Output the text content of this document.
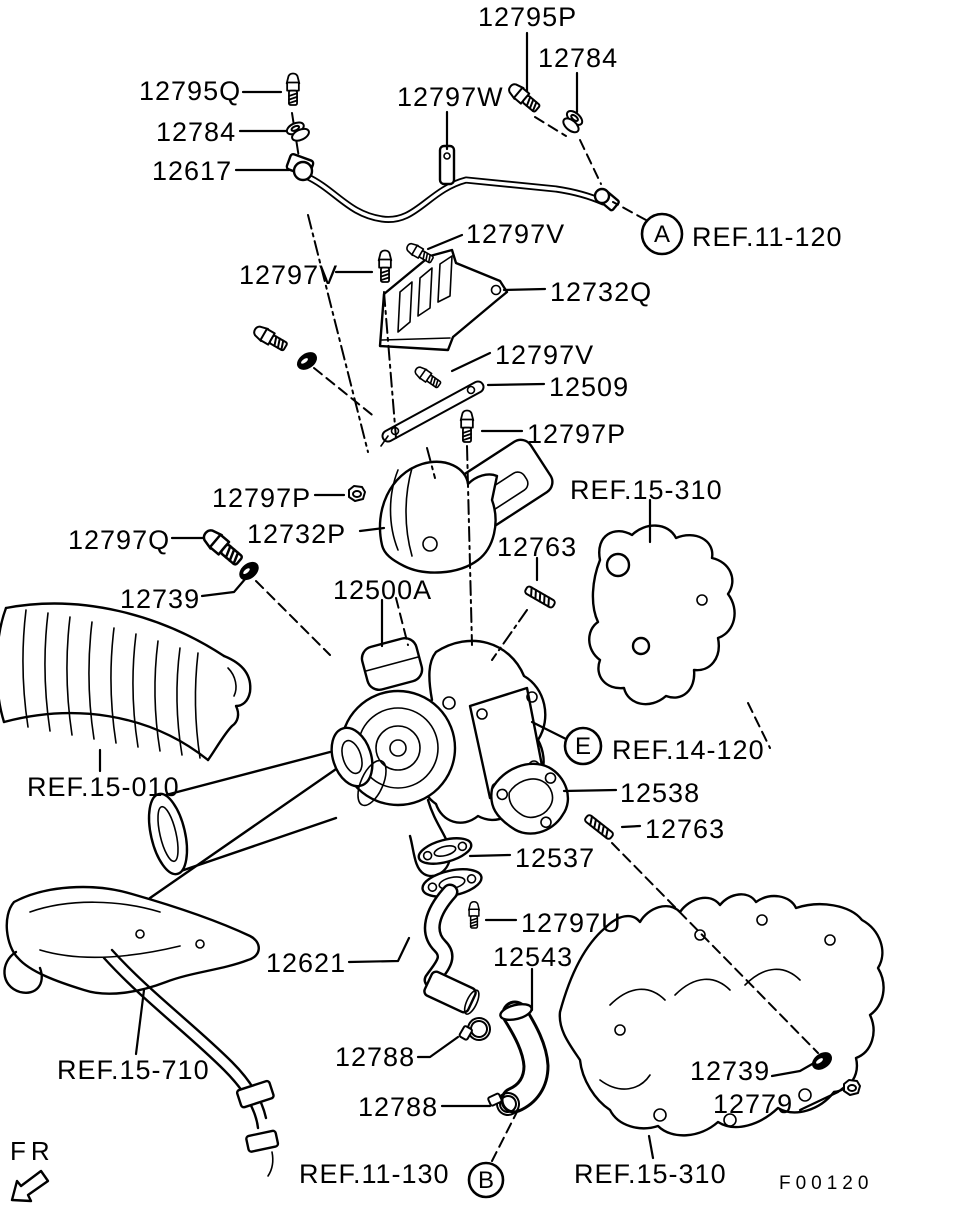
A
E
B
12795P
12784
12797W
12795Q
12784
12617
12797V
12797V
12732Q
12797V
12509
12797P
12797P
12732P
REF.15-310
12763
12797Q
12739	12500A
REF.15-010
REF.11-120
REF.14-120
12538
12763
12537
12797U
12621	12543
REF.15-710	12788
12788
12739
12779
REF.11-130	REF.15-310
FR
F00120
